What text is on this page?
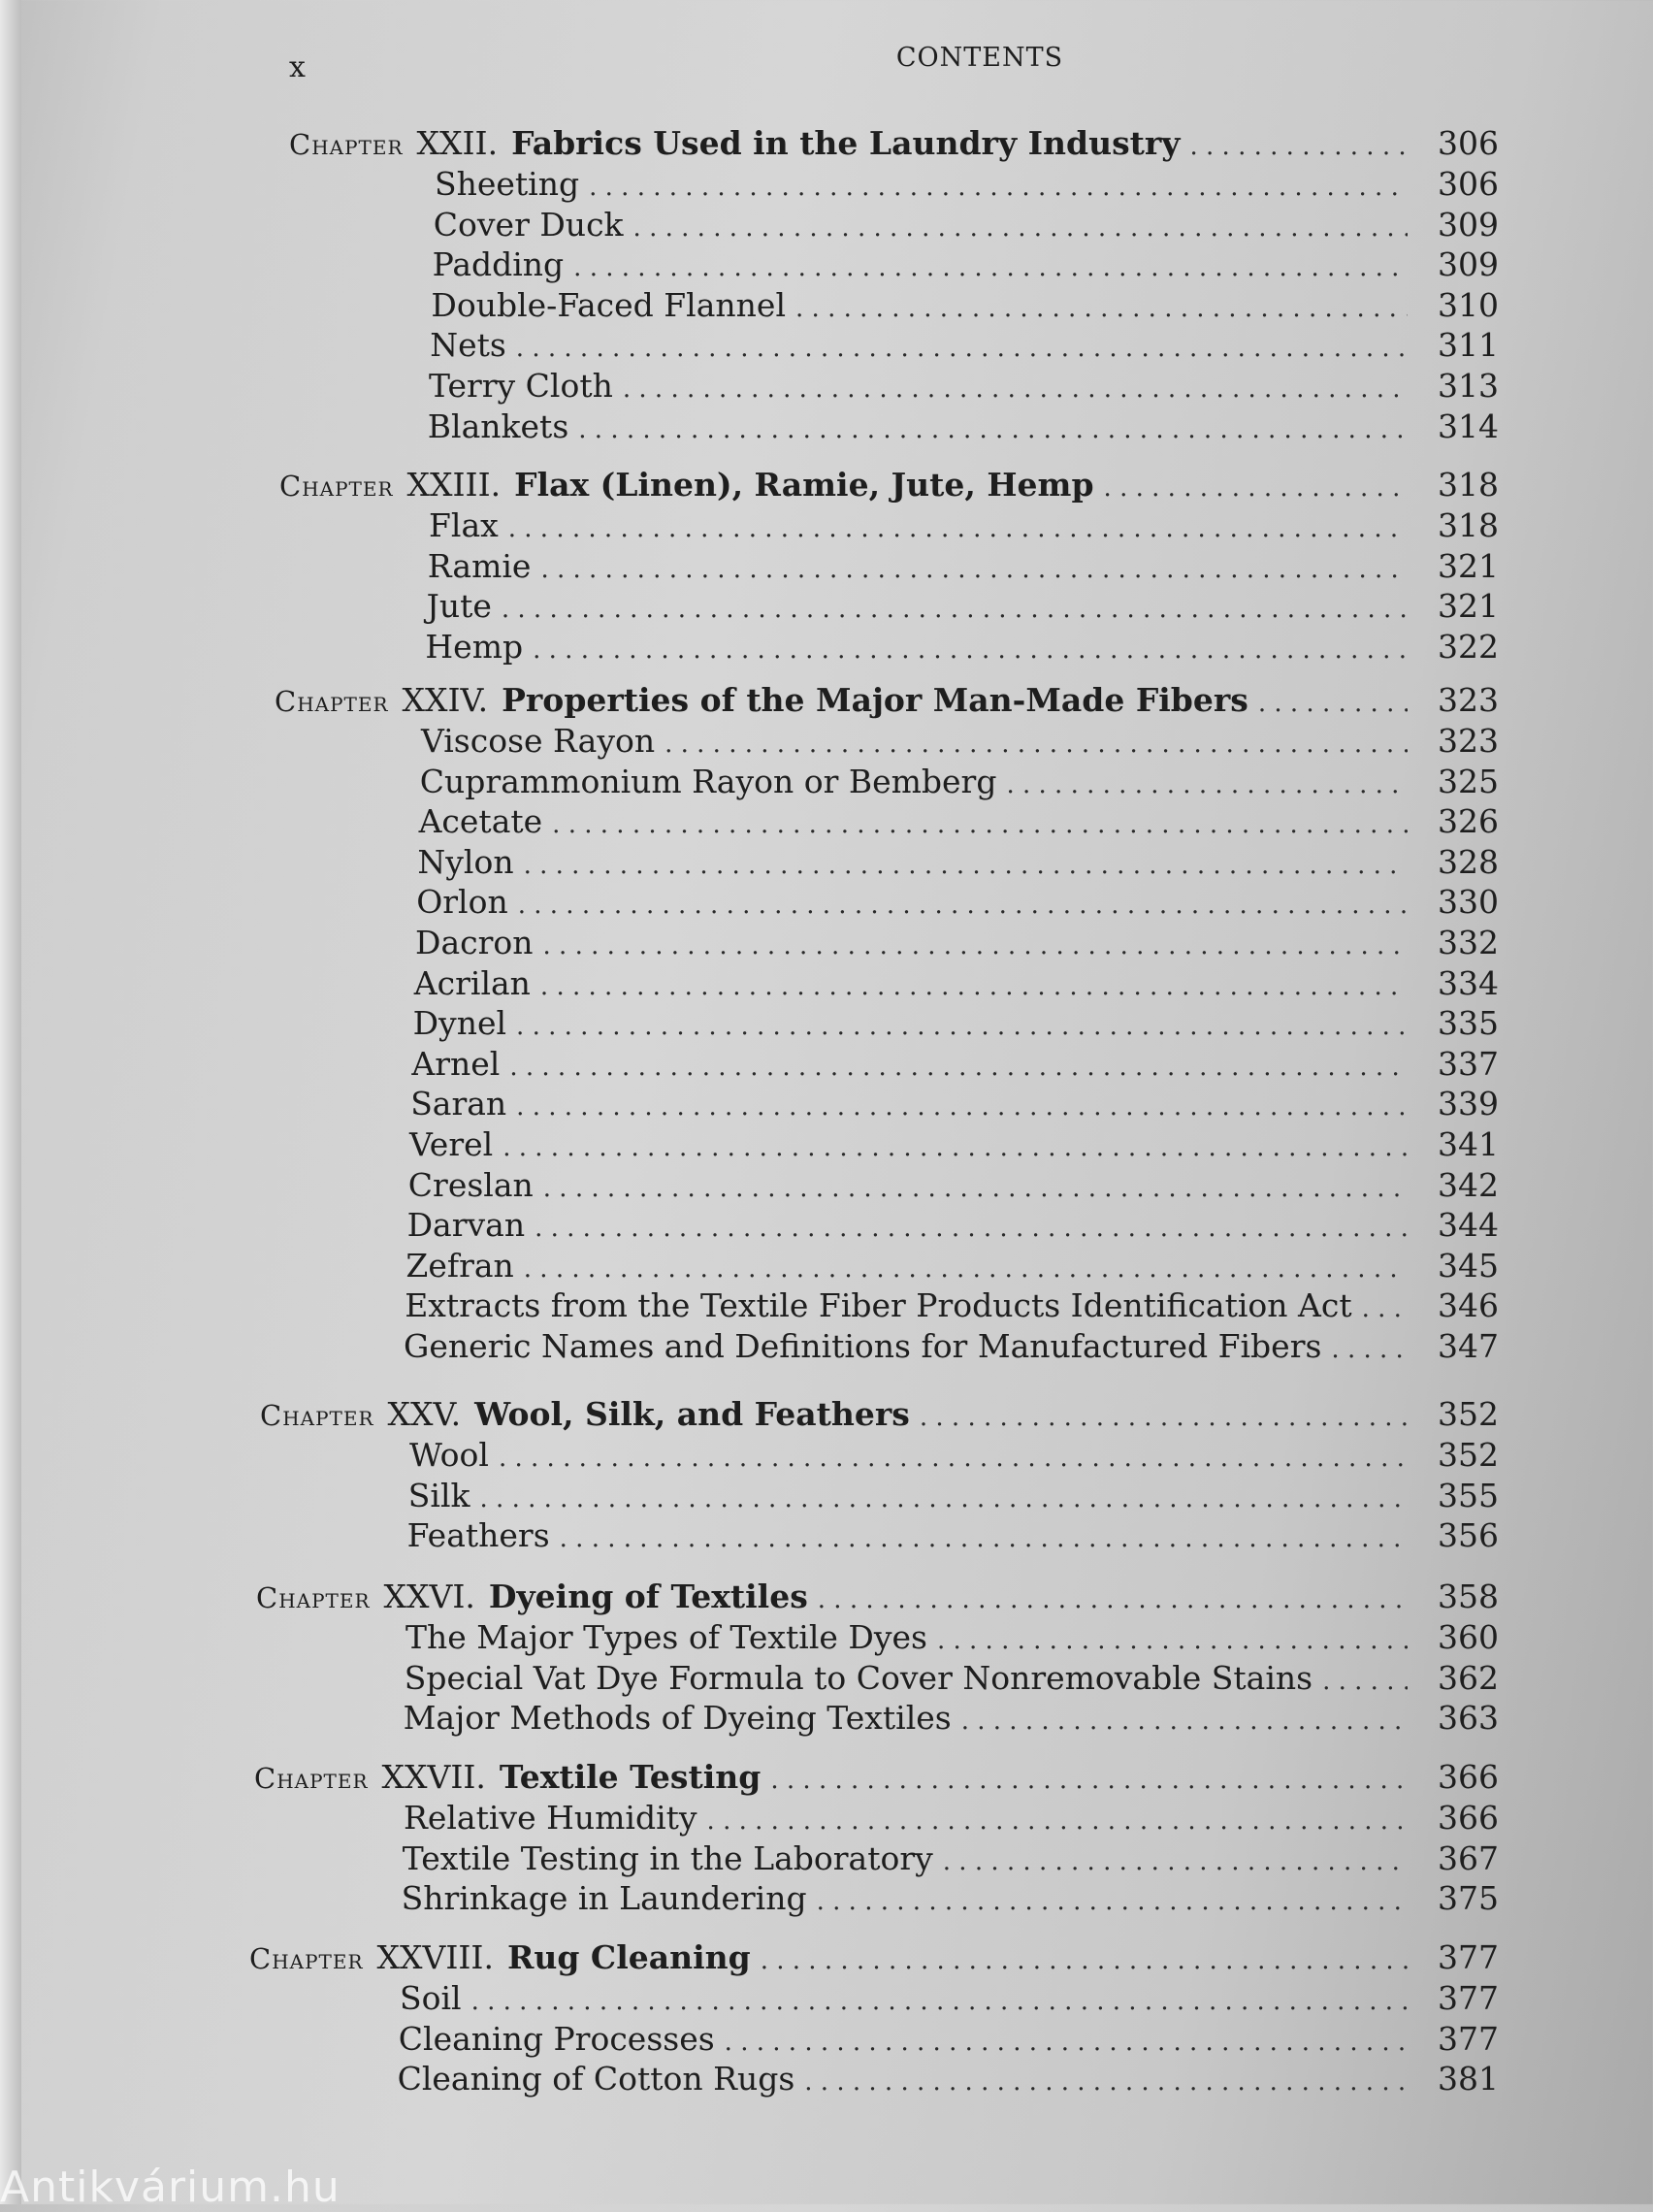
x	CONTENTS
Chapter XXII. Fabrics Used in the Laundry Industry . . .	306
Sheeting . . .	306
Cover Duck . . .	309
Padding . . .	309
Double-Faced Flannel . . .	310
Nets . . .	311
Terry Cloth . . .	313
Blankets . . .	314
Chapter XXIII. Flax (Linen), Ramie, Jute, Hemp . . .	318
Flax . . .	318
Ramie . . .	321
Jute . . .	321
Hemp . . .	322
Chapter XXIV. Properties of the Major Man-Made Fibers . . .	323
Viscose Rayon . . .	323
Cuprammonium Rayon or Bemberg . . .	325
Acetate . . .	326
Nylon . . .	328
Orlon . . .	330
Dacron . . .	332
Acrilan . . .	334
Dynel . . .	335
Arnel . . .	337
Saran . . .	339
Verel . . .	341
Creslan . . .	342
Darvan . . .	344
Zefran . . .	345
Extracts from the Textile Fiber Products Identification Act . . .	346
Generic Names and Definitions for Manufactured Fibers . . .	347
Chapter XXV. Wool, Silk, and Feathers . . .	352
Wool . . .	352
Silk . . .	355
Feathers . . .	356
Chapter XXVI. Dyeing of Textiles . . .	358
The Major Types of Textile Dyes . . .	360
Special Vat Dye Formula to Cover Nonremovable Stains . . .	362
Major Methods of Dyeing Textiles . . .	363
Chapter XXVII. Textile Testing . . .	366
Relative Humidity . . .	366
Textile Testing in the Laboratory . . .	367
Shrinkage in Laundering . . .	375
Chapter XXVIII. Rug Cleaning . . .	377
Soil . . .	377
Cleaning Processes . . .	377
Cleaning of Cotton Rugs . . .	381
Antikvárium.hu
